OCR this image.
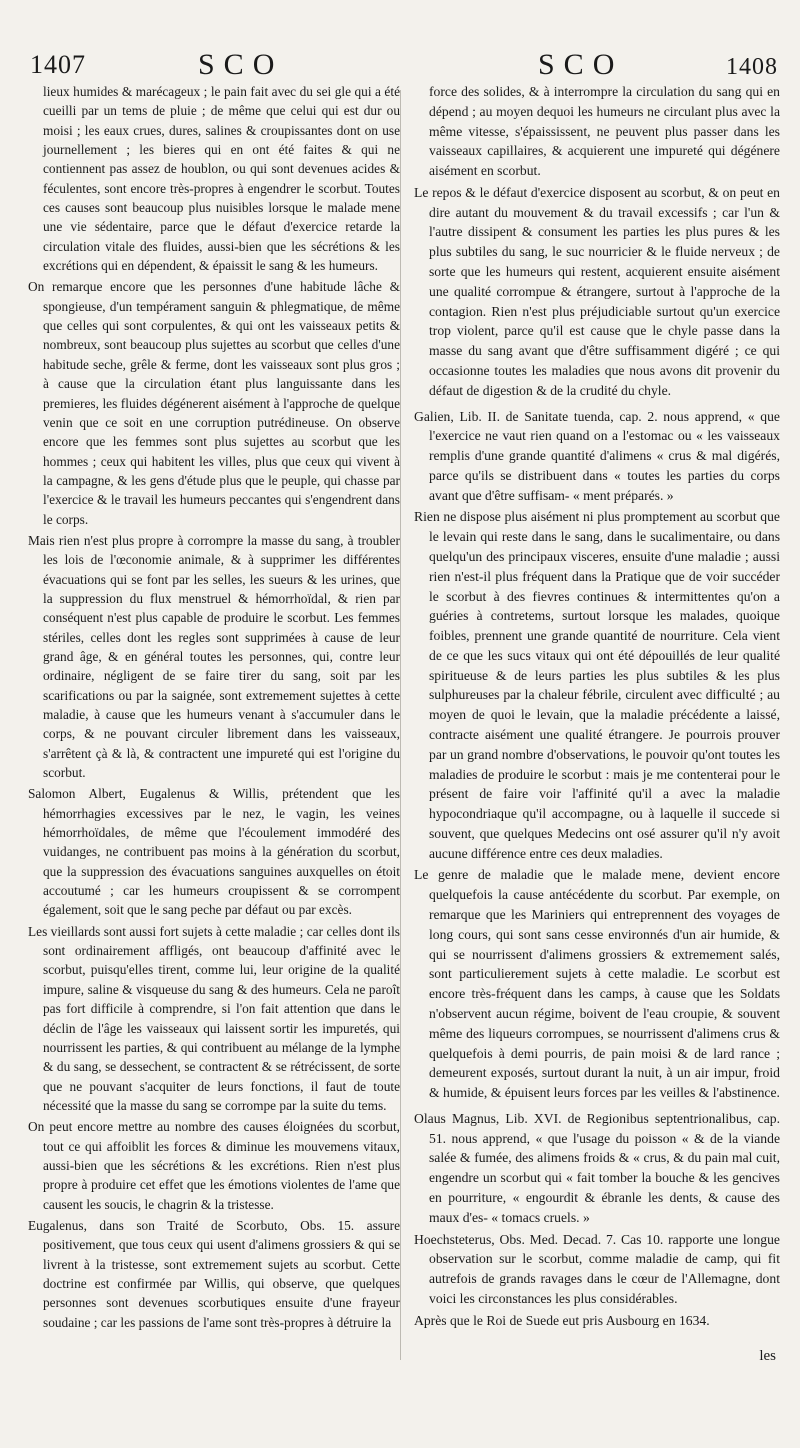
1407	SCO	SCO	1408

lieux humides & marécageux ; le pain fait avec du sei gle qui a été cueilli par un tems de pluie ; de même que celui qui est dur ou moisi ; les eaux crues, dures, salines & croupissantes dont on use journellement ; les bieres qui en ont été faites & qui ne contiennent pas assez de houblon, ou qui sont devenues acides & féculentes, sont encore très-propres à engendrer le scorbut. Toutes ces causes sont beaucoup plus nuisibles lorsque le malade mene une vie sédentaire, parce que le défaut d'exercice retarde la circulation vitale des fluides, aussi-bien que les sécrétions & les excrétions qui en dépendent, & épaissit le sang & les humeurs.

On remarque encore que les personnes d'une habitude lâche & spongieuse, d'un tempérament sanguin & phlegmatique, de même que celles qui sont corpulentes, & qui ont les vaisseaux petits & nombreux, sont beaucoup plus sujettes au scorbut que celles d'une habitude seche, grêle & ferme, dont les vaisseaux sont plus gros ; à cause que la circulation étant plus languissante dans les premieres, les fluides dégénerent aisément à l'approche de quelque venin que ce soit en une corruption putrédineuse. On observe encore que les femmes sont plus sujettes au scorbut que les hommes ; ceux qui habitent les villes, plus que ceux qui vivent à la campagne, & les gens d'étude plus que le peuple, qui chasse par l'exercice & le travail les humeurs peccantes qui s'engendrent dans le corps.

Mais rien n'est plus propre à corrompre la masse du sang, à troubler les lois de l'œconomie animale, & à supprimer les différentes évacuations qui se font par les selles, les sueurs & les urines, que la suppression du flux menstruel & hémorrhoïdal, & rien par conséquent n'est plus capable de produire le scorbut. Les femmes stériles, celles dont les regles sont supprimées à cause de leur grand âge, & en général toutes les personnes, qui, contre leur ordinaire, négligent de se faire tirer du sang, soit par les scarifications ou par la saignée, sont extremement sujettes à cette maladie, à cause que les humeurs venant à s'accumuler dans le corps, & ne pouvant circuler librement dans les vaisseaux, s'arrêtent çà & là, & contractent une impureté qui est l'origine du scorbut.

Salomon Albert, Eugalenus & Willis, prétendent que les hémorrhagies excessives par le nez, le vagin, les veines hémorrhoïdales, de même que l'écoulement immodéré des vuidanges, ne contribuent pas moins à la génération du scorbut, que la suppression des évacuations sanguines auxquelles on étoit accoutumé ; car les humeurs croupissent & se corrompent également, soit que le sang peche par défaut ou par excès.

Les vieillards sont aussi fort sujets à cette maladie ; car celles dont ils sont ordinairement affligés, ont beaucoup d'affinité avec le scorbut, puisqu'elles tirent, comme lui, leur origine de la qualité impure, saline & visqueuse du sang & des humeurs. Cela ne paroît pas fort difficile à comprendre, si l'on fait attention que dans le déclin de l'âge les vaisseaux qui laissent sortir les impuretés, qui nourrissent les parties, & qui contribuent au mélange de la lymphe & du sang, se dessechent, se contractent & se rétrécissent, de sorte que ne pouvant s'acquiter de leurs fonctions, il faut de toute nécessité que la masse du sang se corrompe par la suite du tems.

On peut encore mettre au nombre des causes éloignées du scorbut, tout ce qui affoiblit les forces & diminue les mouvemens vitaux, aussi-bien que les sécrétions & les excrétions. Rien n'est plus propre à produire cet effet que les émotions violentes de l'ame que causent les soucis, le chagrin & la tristesse.

Eugalenus, dans son Traité de Scorbuto, Obs. 15. assure positivement, que tous ceux qui usent d'alimens grossiers & qui se livrent à la tristesse, sont extremement sujets au scorbut. Cette doctrine est confirmée par Willis, qui observe, que quelques personnes sont devenues scorbutiques ensuite d'une frayeur soudaine ; car les passions de l'ame sont très-propres à détruire la

force des solides, & à interrompre la circulation du sang qui en dépend ; au moyen dequoi les humeurs ne circulant plus avec la même vitesse, s'épaississent, ne peuvent plus passer dans les vaisseaux capillaires, & acquierent une impureté qui dégénere aisément en scorbut.

Le repos & le défaut d'exercice disposent au scorbut, & on peut en dire autant du mouvement & du travail excessifs ; car l'un & l'autre dissipent & consument les parties les plus pures & les plus subtiles du sang, le suc nourricier & le fluide nerveux ; de sorte que les humeurs qui restent, acquierent ensuite aisément une qualité corrompue & étrangere, surtout à l'approche de la contagion. Rien n'est plus préjudiciable surtout qu'un exercice trop violent, parce qu'il est cause que le chyle passe dans la masse du sang avant que d'être suffisamment digéré ; ce qui occasionne toutes les maladies que nous avons dit provenir du défaut de digestion & de la crudité du chyle.

Galien, Lib. II. de Sanitate tuenda, cap. 2. nous apprend, « que l'exercice ne vaut rien quand on a l'estomac ou « les vaisseaux remplis d'une grande quantité d'alimens « crus & mal digérés, parce qu'ils se distribuent dans « toutes les parties du corps avant que d'être suffisam- « ment préparés. »

Rien ne dispose plus aisément ni plus promptement au scorbut que le levain qui reste dans le sang, dans le sucalimentaire, ou dans quelqu'un des principaux visceres, ensuite d'une maladie ; aussi rien n'est-il plus fréquent dans la Pratique que de voir succéder le scorbut à des fievres continues & intermittentes qu'on a guéries à contretems, surtout lorsque les malades, quoique foibles, prennent une grande quantité de nourriture. Cela vient de ce que les sucs vitaux qui ont été dépouillés de leur qualité spiritueuse & de leurs parties les plus subtiles & les plus sulphureuses par la chaleur fébrile, circulent avec difficulté ; au moyen de quoi le levain, que la maladie précédente a laissé, contracte aisément une qualité étrangere. Je pourrois prouver par un grand nombre d'observations, le pouvoir qu'ont toutes les maladies de produire le scorbut : mais je me contenterai pour le présent de faire voir l'affinité qu'il a avec la maladie hypocondriaque qu'il accompagne, ou à laquelle il succede si souvent, que quelques Medecins ont osé assurer qu'il n'y avoit aucune différence entre ces deux maladies.

Le genre de maladie que le malade mene, devient encore quelquefois la cause antécédente du scorbut. Par exemple, on remarque que les Mariniers qui entreprennent des voyages de long cours, qui sont sans cesse environnés d'un air humide, & qui se nourrissent d'alimens grossiers & extremement salés, sont particulierement sujets à cette maladie. Le scorbut est encore très-fréquent dans les camps, à cause que les Soldats n'observent aucun régime, boivent de l'eau croupie, & souvent même des liqueurs corrompues, se nourrissent d'alimens crus & quelquefois à demi pourris, de pain moisi & de lard rance ; demeurent exposés, surtout durant la nuit, à un air impur, froid & humide, & épuisent leurs forces par les veilles & l'abstinence.

Olaus Magnus, Lib. XVI. de Regionibus septentrionalibus, cap. 51. nous apprend, « que l'usage du poisson « & de la viande salée & fumée, des alimens froids & « crus, & du pain mal cuit, engendre un scorbut qui « fait tomber la bouche & les gencives en pourriture, « engourdit & ébranle les dents, & cause des maux d'es- « tomacs cruels. »

Hoechsteterus, Obs. Med. Decad. 7. Cas 10. rapporte une longue observation sur le scorbut, comme maladie de camp, qui fit autrefois de grands ravages dans le cœur de l'Allemagne, dont voici les circonstances les plus considérables.

Après que le Roi de Suede eut pris Ausbourg en 1634.

les
